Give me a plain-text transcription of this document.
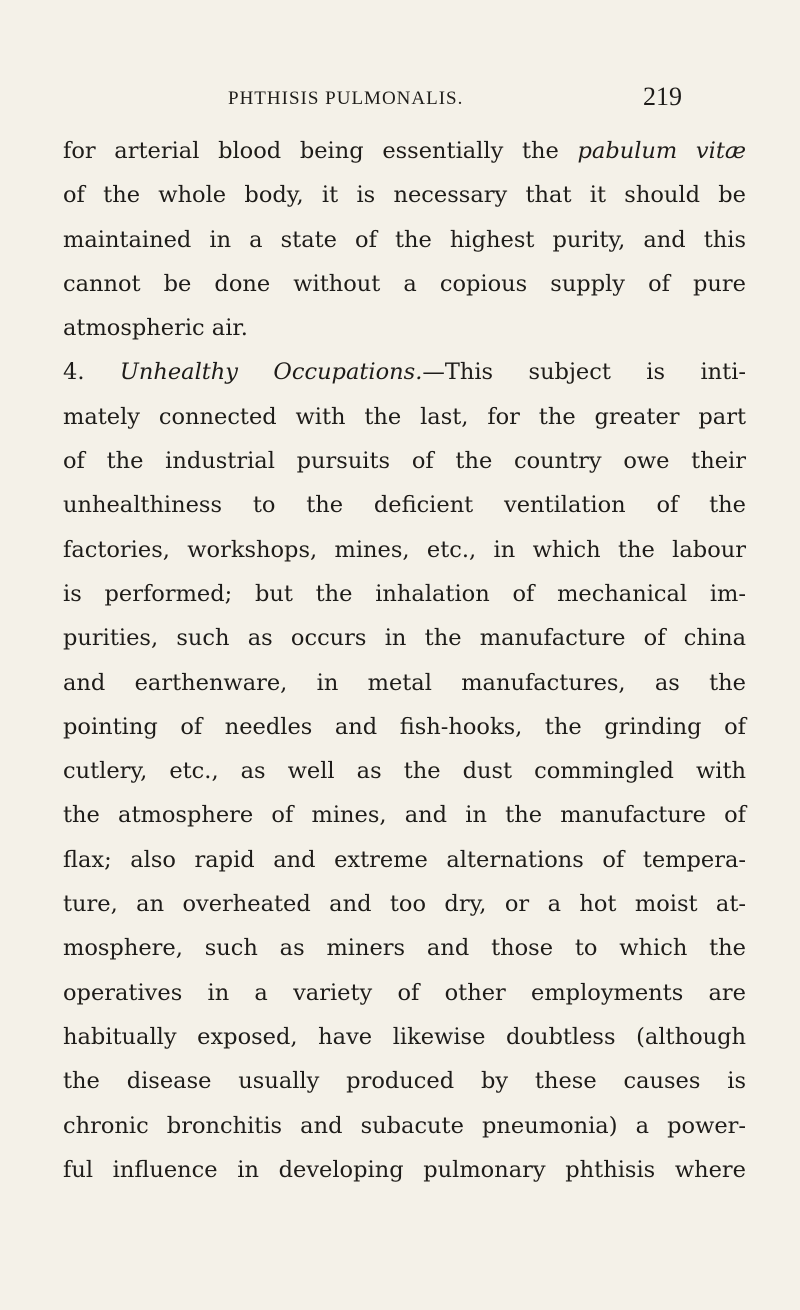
PHTHISIS PULMONALIS.	219
for arterial blood being essentially the pabulum vitæ
of the whole body, it is necessary that it should be
maintained in a state of the highest purity, and this
cannot be done without a copious supply of pure
atmospheric air.
4. Unhealthy Occupations.—This subject is inti-
mately connected with the last, for the greater part
of the industrial pursuits of the country owe their
unhealthiness to the deficient ventilation of the
factories, workshops, mines, etc., in which the labour
is performed; but the inhalation of mechanical im-
purities, such as occurs in the manufacture of china
and earthenware, in metal manufactures, as the
pointing of needles and fish-hooks, the grinding of
cutlery, etc., as well as the dust commingled with
the atmosphere of mines, and in the manufacture of
flax; also rapid and extreme alternations of tempera-
ture, an overheated and too dry, or a hot moist at-
mosphere, such as miners and those to which the
operatives in a variety of other employments are
habitually exposed, have likewise doubtless (although
the disease usually produced by these causes is
chronic bronchitis and subacute pneumonia) a power-
ful influence in developing pulmonary phthisis where
